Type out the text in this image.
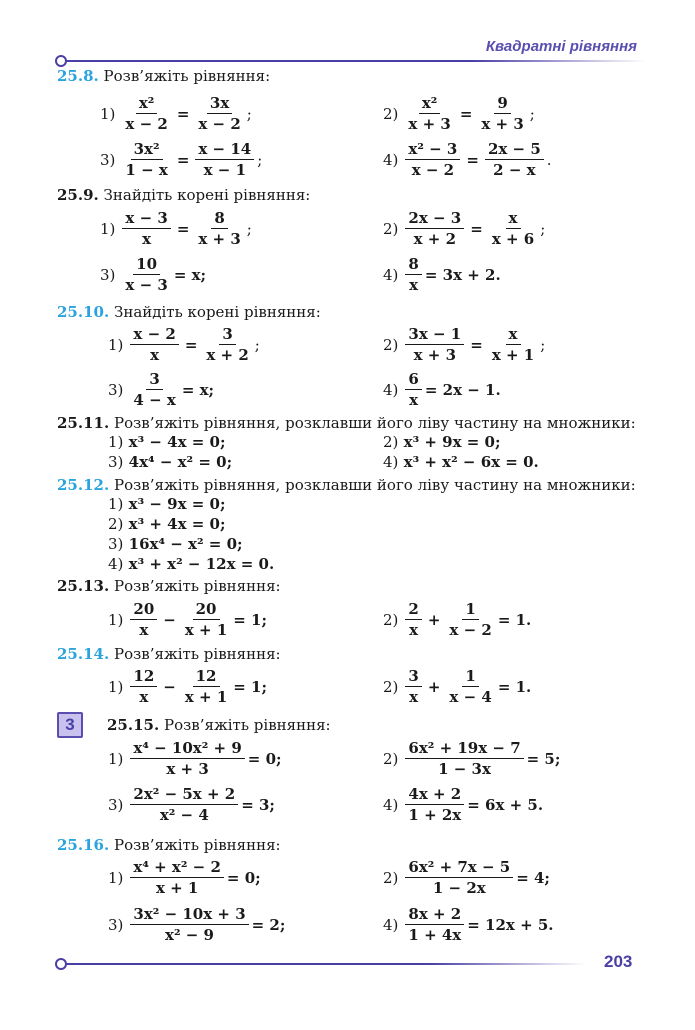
Квадратні рівняння
25.8. Розв’яжіть рівняння:
$1) \frac{\text{x²}}{x - 2} = \frac{3x}{x - 2}$ ;	$2) \frac{\text{x²}}{x + 3} = \frac{9}{x + 3}$ ;
$3) \frac{\text{3x²}}{1 - x} = \frac{x - 14}{x - 1}$ ;	$4) \frac{\text{x² − 3}}{x - 2} = \frac{2x - 5}{2 - x}$ .
25.9. Знайдіть корені рівняння:
$1) \frac{x - 3}{x} = \frac{8}{x + 3}$ ;	$2) \frac{2x - 3}{x + 2} = \frac{x}{x + 6}$ ;
$3) \frac{10}{x - 3} = x$;	$4) \frac{8}{x} = 3x + 2$.
25.10. Знайдіть корені рівняння:
$1) \frac{x - 2}{x} = \frac{3}{x + 2}$ ;	$2) \frac{3x - 1}{x + 3} = \frac{x}{x + 1}$ ;
$3) \frac{3}{4 - x} = x$;	$4) \frac{6}{x} = 2x - 1$.
25.11. Розв’яжіть рівняння, розклавши його ліву частину на множники:
1) x³ − 4x = 0;	2) x³ + 9x = 0;
3) 4x⁴ − x² = 0;	4) x³ + x² − 6x = 0.
25.12. Розв’яжіть рівняння, розклавши його ліву частину на множники:
1) x³ − 9x = 0;
2) x³ + 4x = 0;
3) 16x⁴ − x² = 0;
4) x³ + x² − 12x = 0.
25.13. Розв’яжіть рівняння:
$1) \frac{20}{x} - \frac{20}{x + 1} = 1$;	$2) \frac{2}{x} + \frac{1}{x - 2} = 1$.
25.14. Розв’яжіть рівняння:
$1) \frac{12}{x} - \frac{12}{x + 1} = 1$;	$2) \frac{3}{x} + \frac{1}{x - 4} = 1$.
3	25.15. Розв’яжіть рівняння:
$1) \frac{\text{x⁴ − 10x² + 9}}{x + 3} = 0$;	$2) \frac{\text{6x² + 19x − 7}}{1 - 3x} = 5$;
$3) \frac{\text{2x² − 5x + 2}}{\text{x² − 4}} = 3$;	$4) \frac{4x + 2}{1 + 2x} = 6x + 5$.
25.16. Розв’яжіть рівняння:
$1) \frac{\text{x⁴ + x² − 2}}{x + 1} = 0$;	$2) \frac{\text{6x² + 7x − 5}}{1 - 2x} = 4$;
$3) \frac{\text{3x² − 10x + 3}}{\text{x² − 9}} = 2$;	$4) \frac{8x + 2}{1 + 4x} = 12x + 5$.
203
